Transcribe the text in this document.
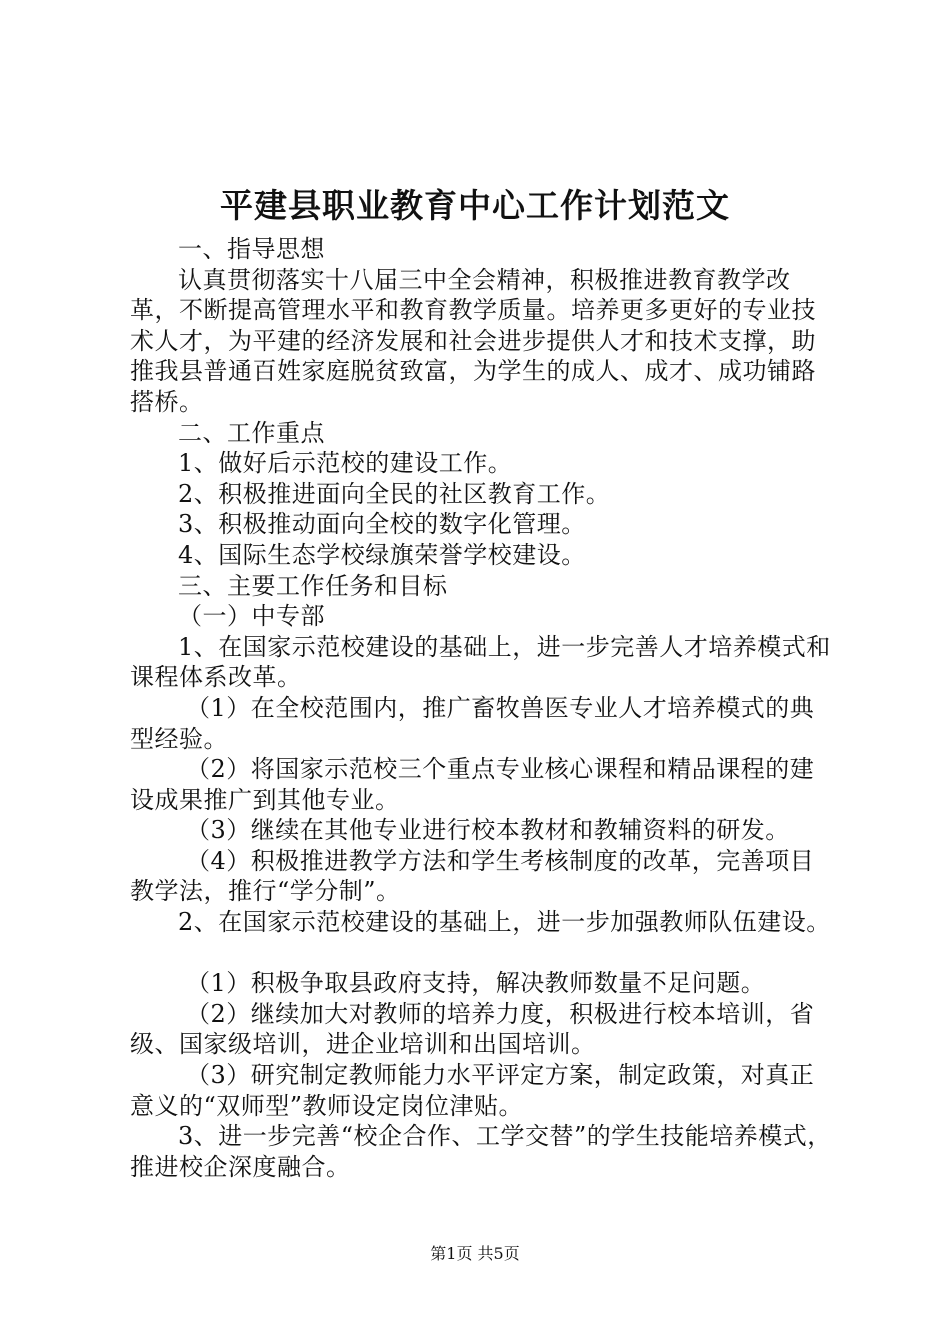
平建县职业教育中心工作计划范文

一、指导思想

认真贯彻落实十八届三中全会精神，积极推进教育教学改革，不断提高管理水平和教育教学质量。培养更多更好的专业技术人才，为平建的经济发展和社会进步提供人才和技术支撑，助推我县普通百姓家庭脱贫致富，为学生的成人、成才、成功铺路搭桥。

二、工作重点

1、做好后示范校的建设工作。

2、积极推进面向全民的社区教育工作。

3、积极推动面向全校的数字化管理。

4、国际生态学校绿旗荣誉学校建设。

三、主要工作任务和目标

（一）中专部

1、在国家示范校建设的基础上，进一步完善人才培养模式和课程体系改革。

（1）在全校范围内，推广畜牧兽医专业人才培养模式的典型经验。

（2）将国家示范校三个重点专业核心课程和精品课程的建设成果推广到其他专业。

（3）继续在其他专业进行校本教材和教辅资料的研发。

（4）积极推进教学方法和学生考核制度的改革，完善项目教学法，推行“学分制”。

2、在国家示范校建设的基础上，进一步加强教师队伍建设。

（1）积极争取县政府支持，解决教师数量不足问题。

（2）继续加大对教师的培养力度，积极进行校本培训，省级、国家级培训，进企业培训和出国培训。

（3）研究制定教师能力水平评定方案，制定政策，对真正意义的“双师型”教师设定岗位津贴。

3、进一步完善“校企合作、工学交替”的学生技能培养模式，推进校企深度融合。

第1页 共5页
